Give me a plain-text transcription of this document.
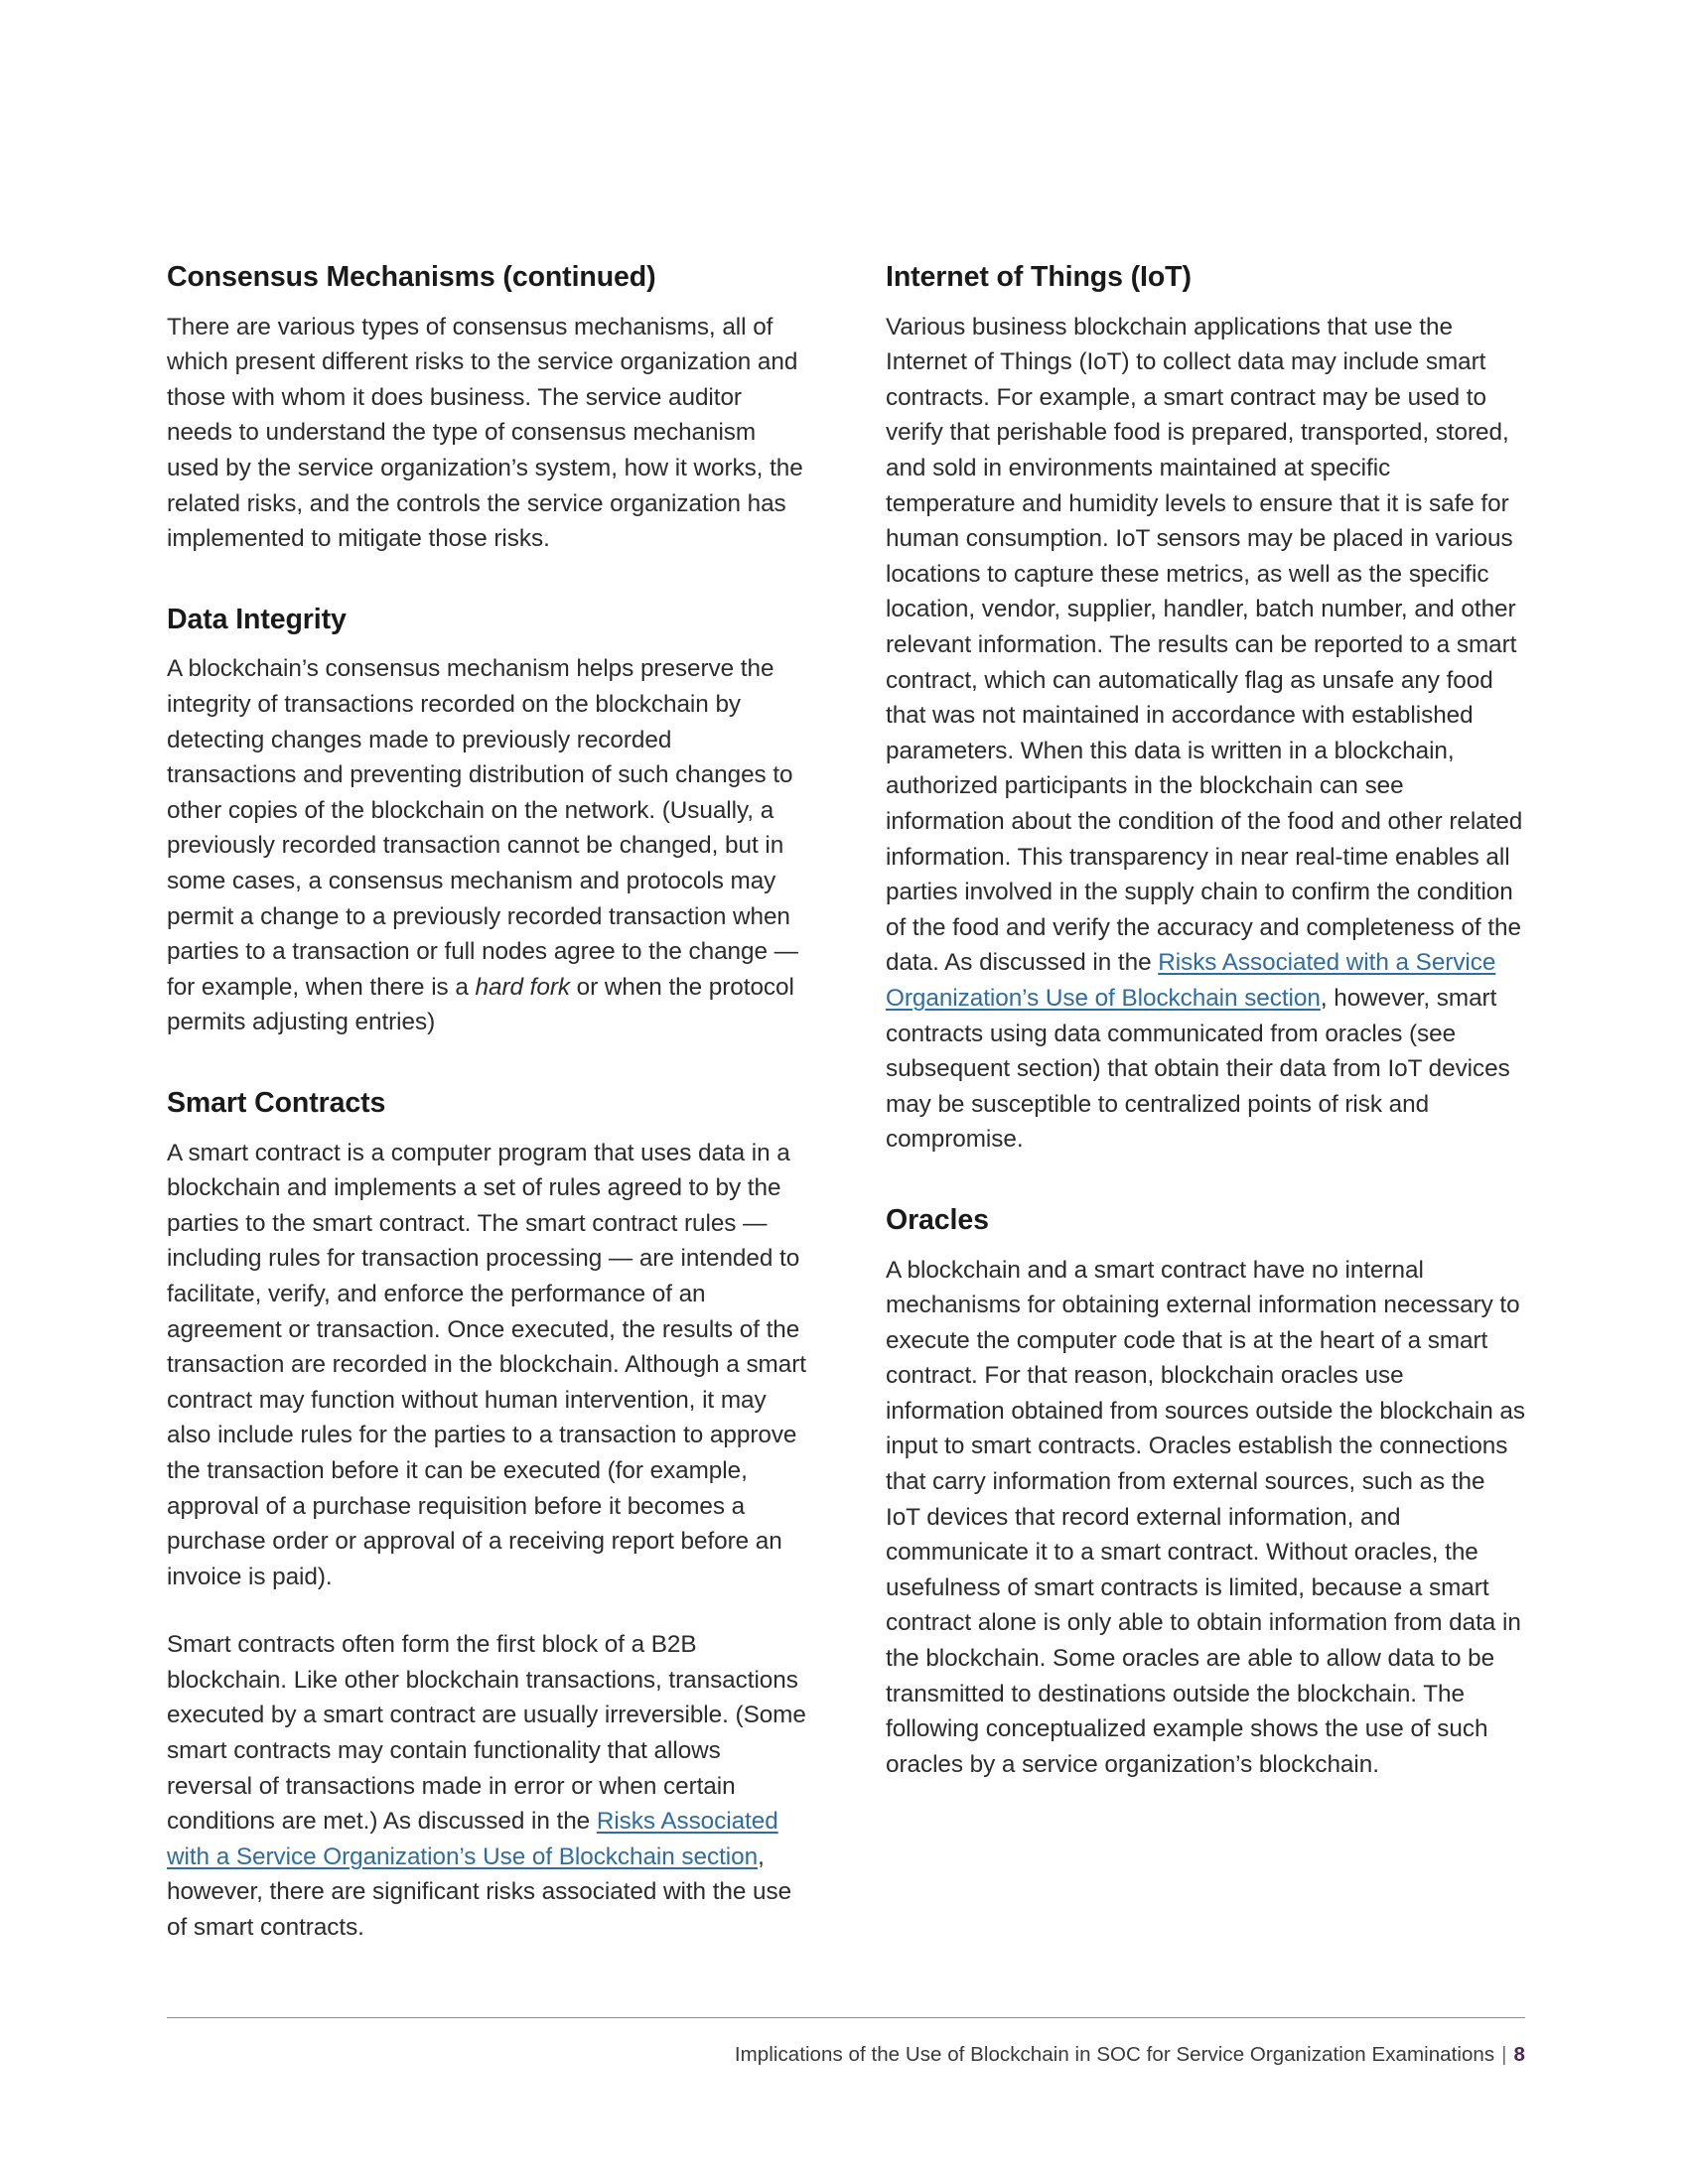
Consensus Mechanisms (continued)

There are various types of consensus mechanisms, all of which present different risks to the service organization and those with whom it does business. The service auditor needs to understand the type of consensus mechanism used by the service organization’s system, how it works, the related risks, and the controls the service organization has implemented to mitigate those risks.

Data Integrity

A blockchain’s consensus mechanism helps preserve the integrity of transactions recorded on the blockchain by detecting changes made to previously recorded transactions and preventing distribution of such changes to other copies of the blockchain on the network. (Usually, a previously recorded transaction cannot be changed, but in some cases, a consensus mechanism and protocols may permit a change to a previously recorded transaction when parties to a transaction or full nodes agree to the change — for example, when there is a hard fork or when the protocol permits adjusting entries)

Smart Contracts

A smart contract is a computer program that uses data in a blockchain and implements a set of rules agreed to by the parties to the smart contract. The smart contract rules — including rules for transaction processing — are intended to facilitate, verify, and enforce the performance of an agreement or transaction. Once executed, the results of the transaction are recorded in the blockchain. Although a smart contract may function without human intervention, it may also include rules for the parties to a transaction to approve the transaction before it can be executed (for example, approval of a purchase requisition before it becomes a purchase order or approval of a receiving report before an invoice is paid).

Smart contracts often form the first block of a B2B blockchain. Like other blockchain transactions, transactions executed by a smart contract are usually irreversible. (Some smart contracts may contain functionality that allows reversal of transactions made in error or when certain conditions are met.) As discussed in the Risks Associated with a Service Organization’s Use of Blockchain section, however, there are significant risks associated with the use of smart contracts.

Internet of Things (IoT)

Various business blockchain applications that use the Internet of Things (IoT) to collect data may include smart contracts. For example, a smart contract may be used to verify that perishable food is prepared, transported, stored, and sold in environments maintained at specific temperature and humidity levels to ensure that it is safe for human consumption. IoT sensors may be placed in various locations to capture these metrics, as well as the specific location, vendor, supplier, handler, batch number, and other relevant information. The results can be reported to a smart contract, which can automatically flag as unsafe any food that was not maintained in accordance with established parameters. When this data is written in a blockchain, authorized participants in the blockchain can see information about the condition of the food and other related information. This transparency in near real-time enables all parties involved in the supply chain to confirm the condition of the food and verify the accuracy and completeness of the data. As discussed in the Risks Associated with a Service Organization’s Use of Blockchain section, however, smart contracts using data communicated from oracles (see subsequent section) that obtain their data from IoT devices may be susceptible to centralized points of risk and compromise.

Oracles

A blockchain and a smart contract have no internal mechanisms for obtaining external information necessary to execute the computer code that is at the heart of a smart contract. For that reason, blockchain oracles use information obtained from sources outside the blockchain as input to smart contracts. Oracles establish the connections that carry information from external sources, such as the IoT devices that record external information, and communicate it to a smart contract. Without oracles, the usefulness of smart contracts is limited, because a smart contract alone is only able to obtain information from data in the blockchain. Some oracles are able to allow data to be transmitted to destinations outside the blockchain. The following conceptualized example shows the use of such oracles by a service organization’s blockchain.

Implications of the Use of Blockchain in SOC for Service Organization Examinations | 8
